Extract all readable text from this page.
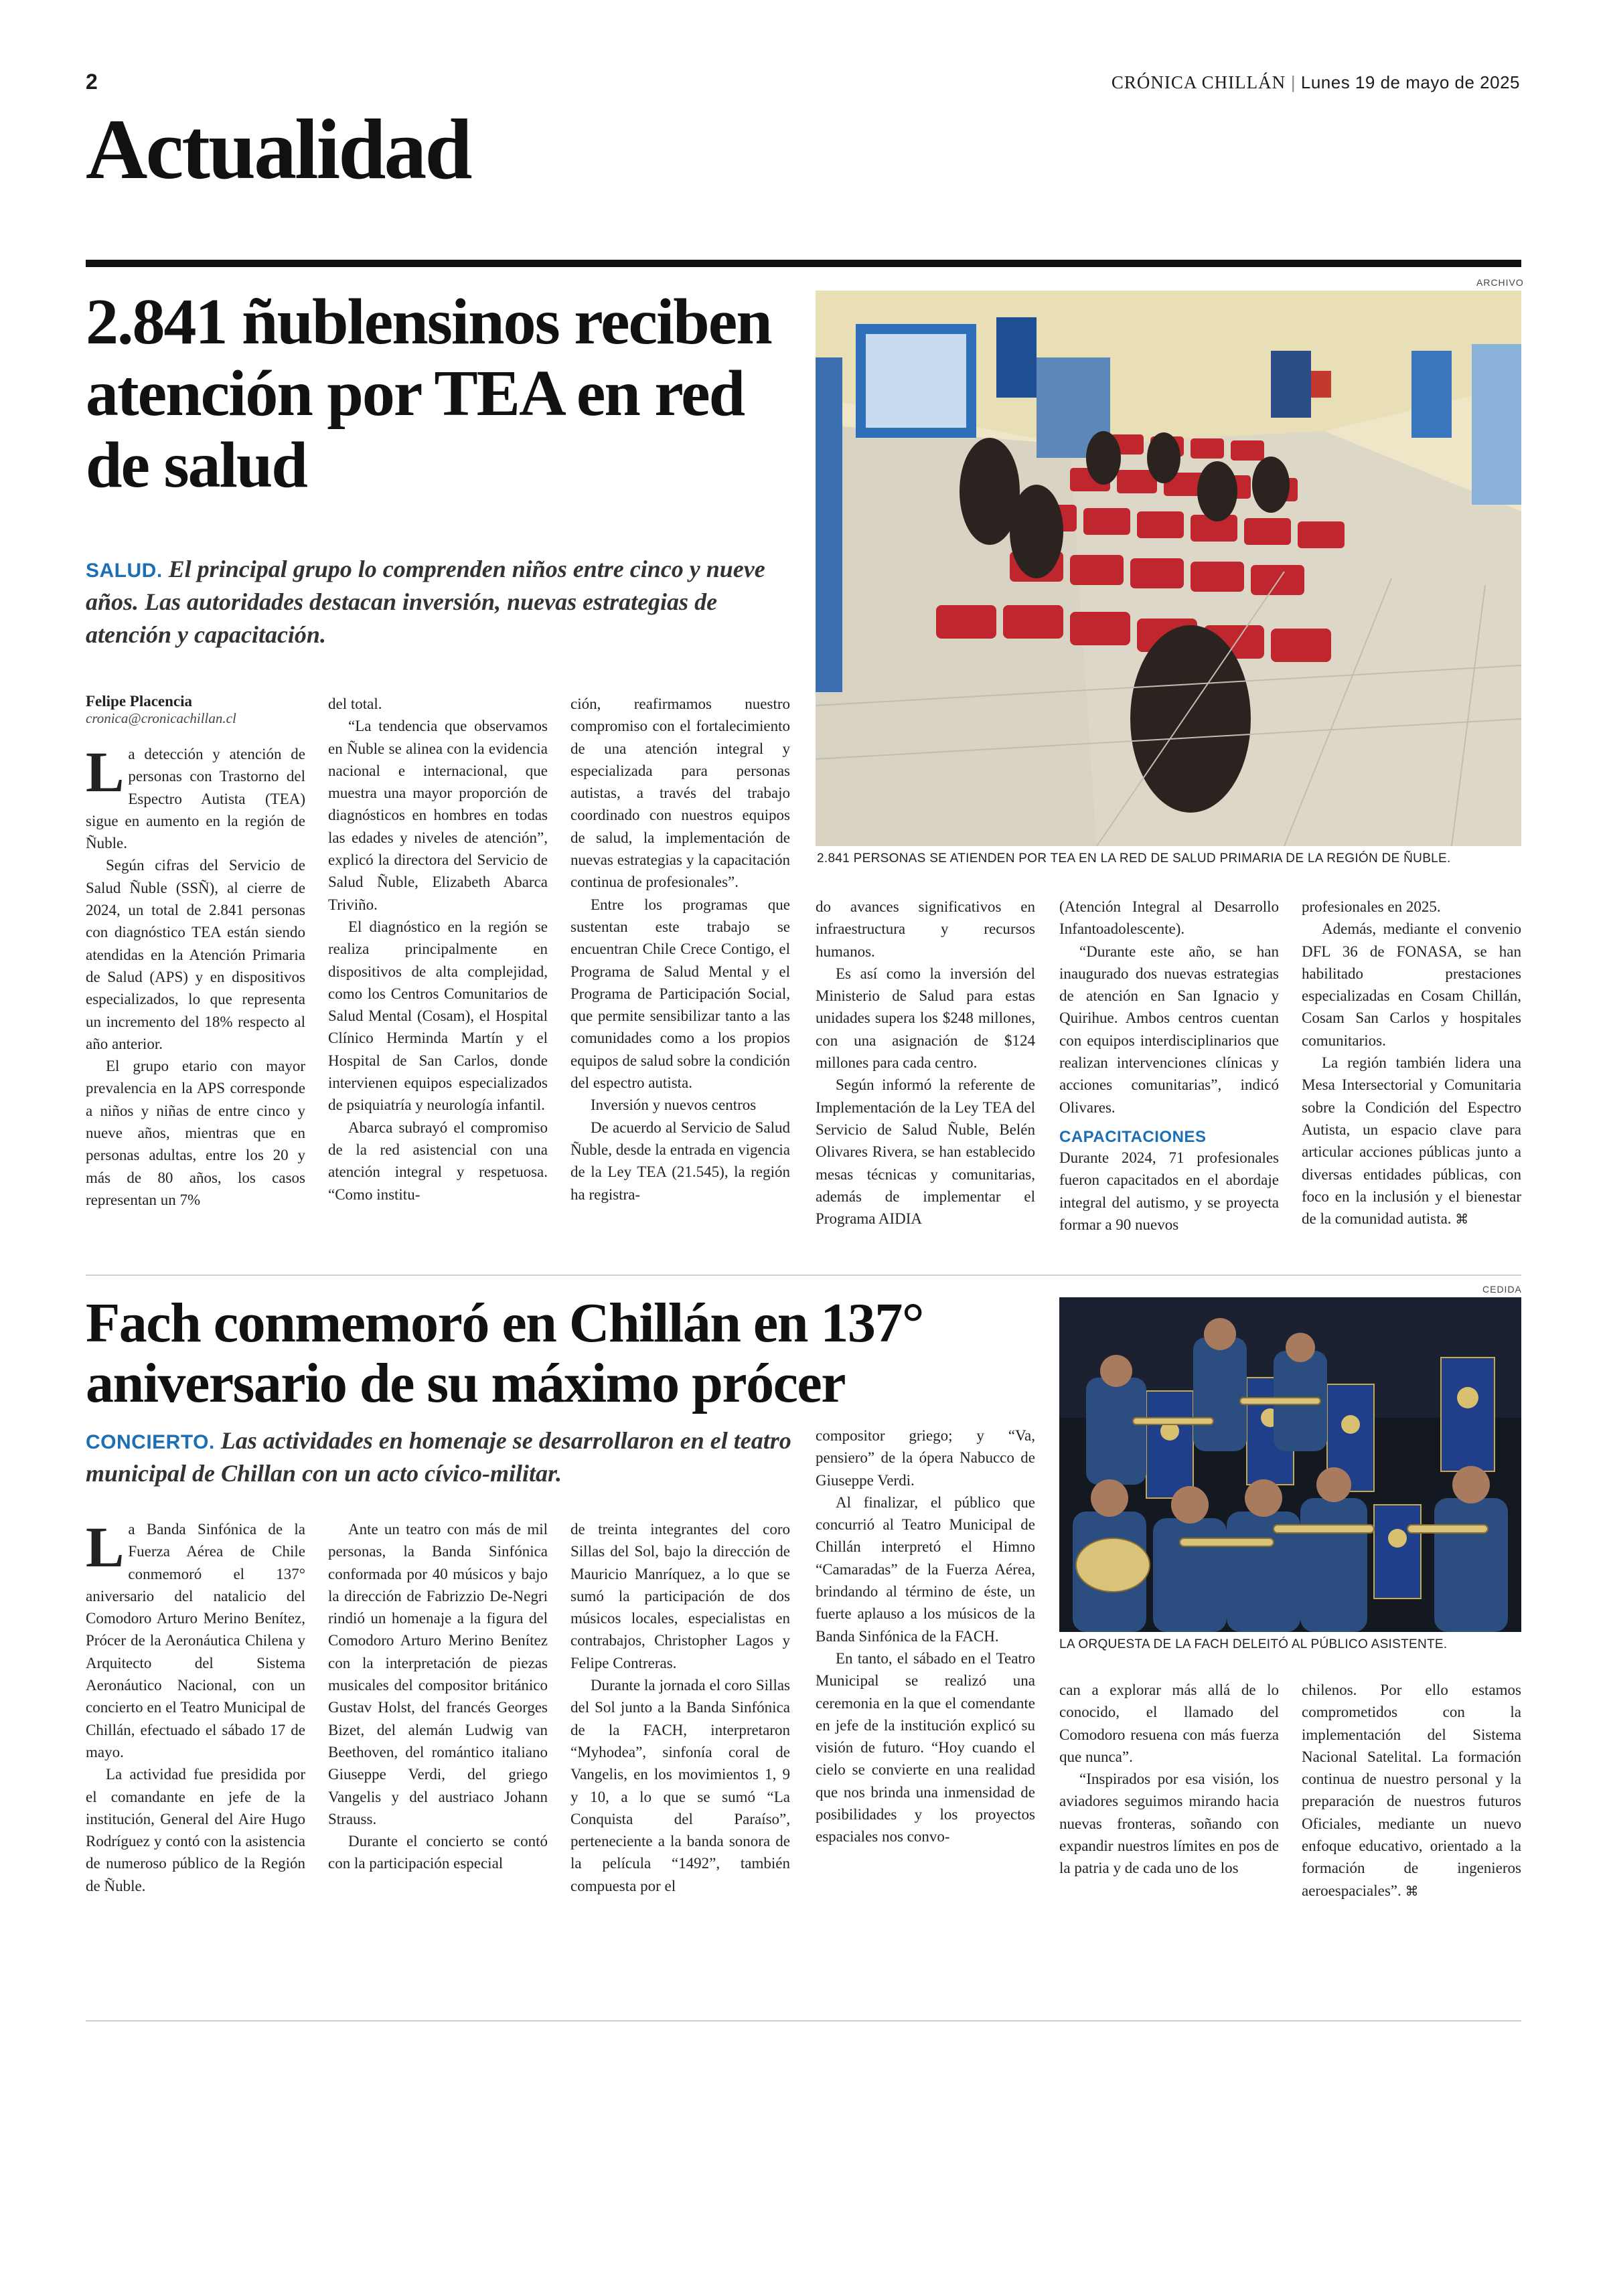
2	CRÓNICA CHILLÁN | Lunes 19 de mayo de 2025
Actualidad
2.841 ñublensinos reciben atención por TEA en red de salud
SALUD. El principal grupo lo comprenden niños entre cinco y nueve años. Las autoridades destacan inversión, nuevas estrategias de atención y capacitación.
ARCHIVO
2.841 PERSONAS SE ATIENDEN POR TEA EN LA RED DE SALUD PRIMARIA DE LA REGIÓN DE ÑUBLE.

Felipe Placencia

cronica@cronicachillan.cl

La detección y atención de personas con Trastorno del Espectro Autista (TEA) sigue en aumento en la región de Ñuble.

Según cifras del Servicio de Salud Ñuble (SSÑ), al cierre de 2024, un total de 2.841 personas con diagnóstico TEA están siendo atendidas en la Atención Primaria de Salud (APS) y en dispositivos especializados, lo que representa un incremento del 18% respecto al año anterior.

El grupo etario con mayor prevalencia en la APS corresponde a niños y niñas de entre cinco y nueve años, mientras que en personas adultas, entre los 20 y más de 80 años, los casos representan un 7%

del total.

“La tendencia que observamos en Ñuble se alinea con la evidencia nacional e internacional, que muestra una mayor proporción de diagnósticos en hombres en todas las edades y niveles de atención”, explicó la directora del Servicio de Salud Ñuble, Elizabeth Abarca Triviño.

El diagnóstico en la región se realiza principalmente en dispositivos de alta complejidad, como los Centros Comunitarios de Salud Mental (Cosam), el Hospital Clínico Herminda Martín y el Hospital de San Carlos, donde intervienen equipos especializados de psiquiatría y neurología infantil.

Abarca subrayó el compromiso de la red asistencial con una atención integral y respetuosa. “Como institu-

ción, reafirmamos nuestro compromiso con el fortalecimiento de una atención integral y especializada para personas autistas, a través del trabajo coordinado con nuestros equipos de salud, la implementación de nuevas estrategias y la capacitación continua de profesionales”.

Entre los programas que sustentan este trabajo se encuentran Chile Crece Contigo, el Programa de Salud Mental y el Programa de Participación Social, que permite sensibilizar tanto a las comunidades como a los propios equipos de salud sobre la condición del espectro autista.

Inversión y nuevos centros

De acuerdo al Servicio de Salud Ñuble, desde la entrada en vigencia de la Ley TEA (21.545), la región ha registra-

do avances significativos en infraestructura y recursos humanos.

Es así como la inversión del Ministerio de Salud para estas unidades supera los $248 millones, con una asignación de $124 millones para cada centro.

Según informó la referente de Implementación de la Ley TEA del Servicio de Salud Ñuble, Belén Olivares Rivera, se han establecido mesas técnicas y comunitarias, además de implementar el Programa AIDIA

(Atención Integral al Desarrollo Infantoadolescente).

“Durante este año, se han inaugurado dos nuevas estrategias de atención en San Ignacio y Quirihue. Ambos centros cuentan con equipos interdisciplinarios que realizan intervenciones clínicas y acciones comunitarias”, indicó Olivares.

CAPACITACIONES

Durante 2024, 71 profesionales fueron capacitados en el abordaje integral del autismo, y se proyecta formar a 90 nuevos

profesionales en 2025.

Además, mediante el convenio DFL 36 de FONASA, se han habilitado prestaciones especializadas en Cosam Chillán, Cosam San Carlos y hospitales comunitarios.

La región también lidera una Mesa Intersectorial y Comunitaria sobre la Condición del Espectro Autista, un espacio clave para articular acciones públicas junto a diversas entidades públicas, con foco en la inclusión y el bienestar de la comunidad autista. ⌘

Fach conmemoró en Chillán en 137° aniversario de su máximo prócer
CONCIERTO. Las actividades en homenaje se desarrollaron en el teatro municipal de Chillan con un acto cívico-militar.
CEDIDA
LA ORQUESTA DE LA FACH DELEITÓ AL PÚBLICO ASISTENTE.

La Banda Sinfónica de la Fuerza Aérea de Chile conmemoró el 137° aniversario del natalicio del Comodoro Arturo Merino Benítez, Prócer de la Aeronáutica Chilena y Arquitecto del Sistema Aeronáutico Nacional, con un concierto en el Teatro Municipal de Chillán, efectuado el sábado 17 de mayo.

La actividad fue presidida por el comandante en jefe de la institución, General del Aire Hugo Rodríguez y contó con la asistencia de numeroso público de la Región de Ñuble.

Ante un teatro con más de mil personas, la Banda Sinfónica conformada por 40 músicos y bajo la dirección de Fabrizzio De-Negri rindió un homenaje a la figura del Comodoro Arturo Merino Benítez con la interpretación de piezas musicales del compositor británico Gustav Holst, del francés Georges Bizet, del alemán Ludwig van Beethoven, del romántico italiano Giuseppe Verdi, del griego Vangelis y del austriaco Johann Strauss.

Durante el concierto se contó con la participación especial

de treinta integrantes del coro Sillas del Sol, bajo la dirección de Mauricio Manríquez, a lo que se sumó la participación de dos músicos locales, especialistas en contrabajos, Christopher Lagos y Felipe Contreras.

Durante la jornada el coro Sillas del Sol junto a la Banda Sinfónica de la FACH, interpretaron “Myhodea”, sinfonía coral de Vangelis, en los movimientos 1, 9 y 10, a lo que se sumó “La Conquista del Paraíso”, perteneciente a la banda sonora de la película “1492”, también compuesta por el

compositor griego; y “Va, pensiero” de la ópera Nabucco de Giuseppe Verdi.

Al finalizar, el público que concurrió al Teatro Municipal de Chillán interpretó el Himno “Camaradas” de la Fuerza Aérea, brindando al término de éste, un fuerte aplauso a los músicos de la Banda Sinfónica de la FACH.

En tanto, el sábado en el Teatro Municipal se realizó una ceremonia en la que el comendante en jefe de la institución explicó su visión de futuro. “Hoy cuando el cielo se convierte en una realidad que nos brinda una inmensidad de posibilidades y los proyectos espaciales nos convo-

can a explorar más allá de lo conocido, el llamado del Comodoro resuena con más fuerza que nunca”.

“Inspirados por esa visión, los aviadores seguimos mirando hacia nuevas fronteras, soñando con expandir nuestros límites en pos de la patria y de cada uno de los

chilenos. Por ello estamos comprometidos con la implementación del Sistema Nacional Satelital. La formación continua de nuestro personal y la preparación de nuestros futuros Oficiales, mediante un nuevo enfoque educativo, orientado a la formación de ingenieros aeroespaciales”. ⌘
